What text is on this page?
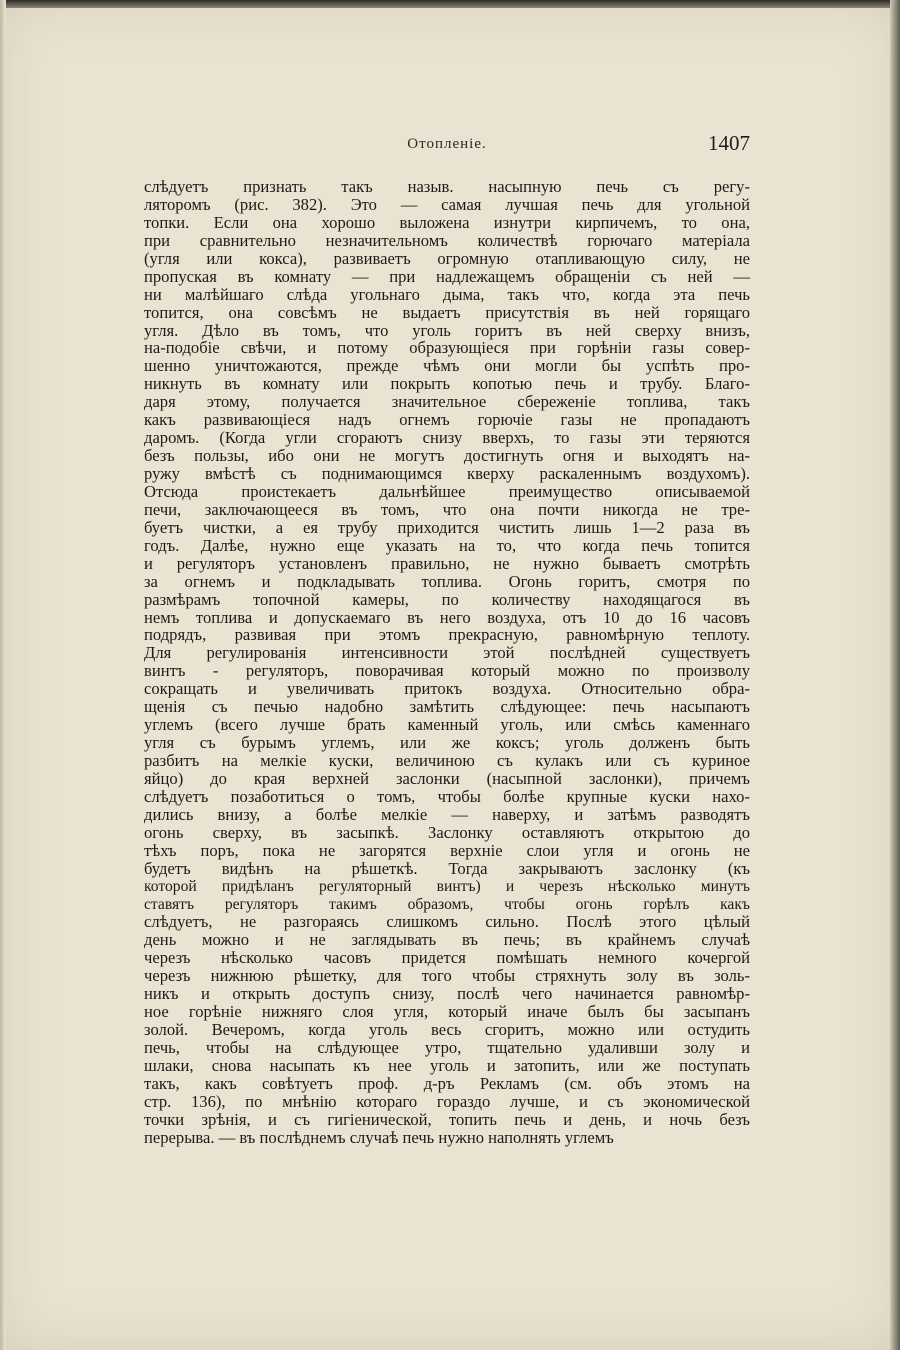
Отопленіе.	1407
слѣдуетъ признать такъ назыв. насыпную печь съ регу-
ляторомъ (рис. 382). Это — самая лучшая печь для угольной
топки. Если она хорошо выложена изнутри кирпичемъ, то она,
при сравнительно незначительномъ количествѣ горючаго матеріала
(угля или кокса), развиваетъ огромную отапливающую силу, не
пропуская въ комнату — при надлежащемъ обращеніи съ ней —
ни малѣйшаго слѣда угольнаго дыма, такъ что, когда эта печь
топится, она совсѣмъ не выдаетъ присутствія въ ней горящаго
угля. Дѣло въ томъ, что уголь горитъ въ ней сверху внизъ,
на-подобіе свѣчи, и потому образующіеся при горѣніи газы совер-
шенно уничтожаются, прежде чѣмъ они могли бы успѣть про-
никнуть въ комнату или покрыть копотью печь и трубу. Благо-
даря этому, получается значительное сбереженіе топлива, такъ
какъ развивающіеся надъ огнемъ горючіе газы не пропадаютъ
даромъ. (Когда угли сгораютъ снизу вверхъ, то газы эти теряются
безъ пользы, ибо они не могутъ достигнуть огня и выходятъ на-
ружу вмѣстѣ съ поднимающимся кверху раскаленнымъ воздухомъ).
Отсюда проистекаетъ дальнѣйшее преимущество описываемой
печи, заключающееся въ томъ, что она почти никогда не тре-
буетъ чистки, а ея трубу приходится чистить лишь 1—2 раза въ
годъ. Далѣе, нужно еще указать на то, что когда печь топится
и регуляторъ установленъ правильно, не нужно бываетъ смотрѣть
за огнемъ и подкладывать топлива. Огонь горитъ, смотря по
размѣрамъ топочной камеры, по количеству находящагося въ
немъ топлива и допускаемаго въ него воздуха, отъ 10 до 16 часовъ
подрядъ, развивая при этомъ прекрасную, равномѣрную теплоту.
Для регулированія интенсивности этой послѣдней существуетъ
винтъ - регуляторъ, поворачивая который можно по произволу
сокращать и увеличивать притокъ воздуха. Относительно обра-
щенія съ печью надобно замѣтить слѣдующее: печь насыпаютъ
углемъ (всего лучше брать каменный уголь, или смѣсь каменнаго
угля съ бурымъ углемъ, или же коксъ; уголь долженъ быть
разбитъ на мелкіе куски, величиною съ кулакъ или съ куриное
яйцо) до края верхней заслонки (насыпной заслонки), причемъ
слѣдуетъ позаботиться о томъ, чтобы болѣе крупные куски нахо-
дились внизу, а болѣе мелкіе — наверху, и затѣмъ разводятъ
огонь сверху, въ засыпкѣ. Заслонку оставляютъ открытою до
тѣхъ поръ, пока не загорятся верхніе слои угля и огонь не
будетъ видѣнъ на рѣшеткѣ. Тогда закрываютъ заслонку (къ
которой придѣланъ регуляторный винтъ) и черезъ нѣсколько минутъ
ставятъ регуляторъ такимъ образомъ, чтобы огонь горѣлъ какъ
слѣдуетъ, не разгораясь слишкомъ сильно. Послѣ этого цѣлый
день можно и не заглядывать въ печь; въ крайнемъ случаѣ
черезъ нѣсколько часовъ придется помѣшать немного кочергой
черезъ нижнюю рѣшетку, для того чтобы стряхнуть золу въ золь-
никъ и открыть доступъ снизу, послѣ чего начинается равномѣр-
ное горѣніе нижняго слоя угля, который иначе былъ бы засыпанъ
золой. Вечеромъ, когда уголь весь сгоритъ, можно или остудить
печь, чтобы на слѣдующее утро, тщательно удаливши золу и
шлаки, снова насыпать къ нее уголь и затопить, или же поступать
такъ, какъ совѣтуетъ проф. д-ръ Рекламъ (см. объ этомъ на
стр. 136), по мнѣнію котораго гораздо лучше, и съ экономической
точки зрѣнія, и съ гигіенической, топить печь и день, и ночь безъ
перерыва. — въ послѣднемъ случаѣ печь нужно наполнять углемъ
